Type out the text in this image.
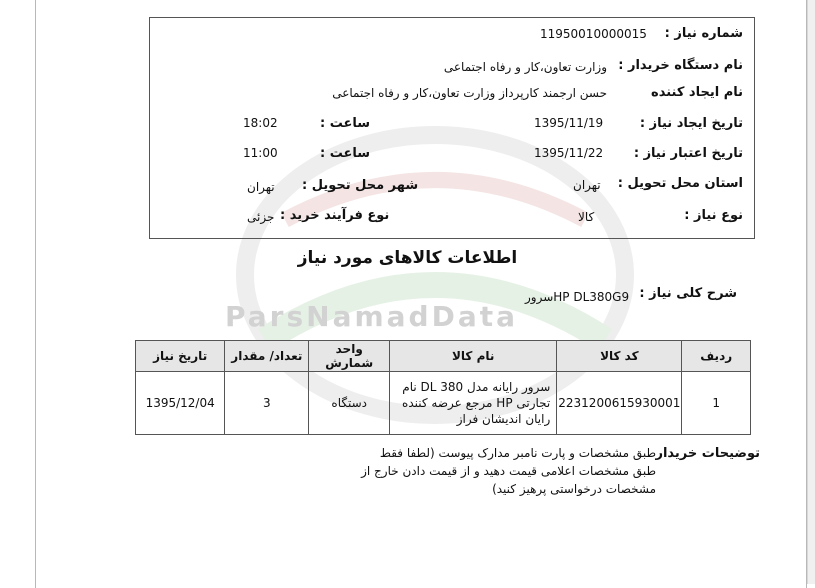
ParsNamadData
شماره نیاز :
11950010000015
نام دستگاه خریدار :
وزارت تعاون،کار و رفاه اجتماعی
نام ایجاد کننده
حسن ارجمند کارپرداز وزارت تعاون،کار و رفاه اجتماعی
تاریخ ایجاد نیاز :
1395/11/19
ساعت :
18:02
تاریخ اعتبار نیاز :
1395/11/22
ساعت :
11:00
استان محل تحویل :
تهران
شهر محل تحویل :
تهران
نوع نیاز :
کالا
نوع فرآیند خرید :
جزئی
اطلاعات کالاهای مورد نیاز
شرح کلی نیاز :
سرورHP DL380G9
ردیف	کد کالا	نام کالا	واحد شمارش	تعداد/ مقدار	تاریخ نیاز
1	2231200615930001	سرور رایانه مدل DL 380 نام تجارتی HP مرجع عرضه کننده رایان اندیشان فراز	دستگاه	3	1395/12/04
توضیحات خریدار
طبق مشخصات و پارت نامبر مدارک پیوست (لطفا فقط طبق مشخصات اعلامی قیمت دهید و از قیمت دادن خارج از مشخصات درخواستی پرهیز کنید)
